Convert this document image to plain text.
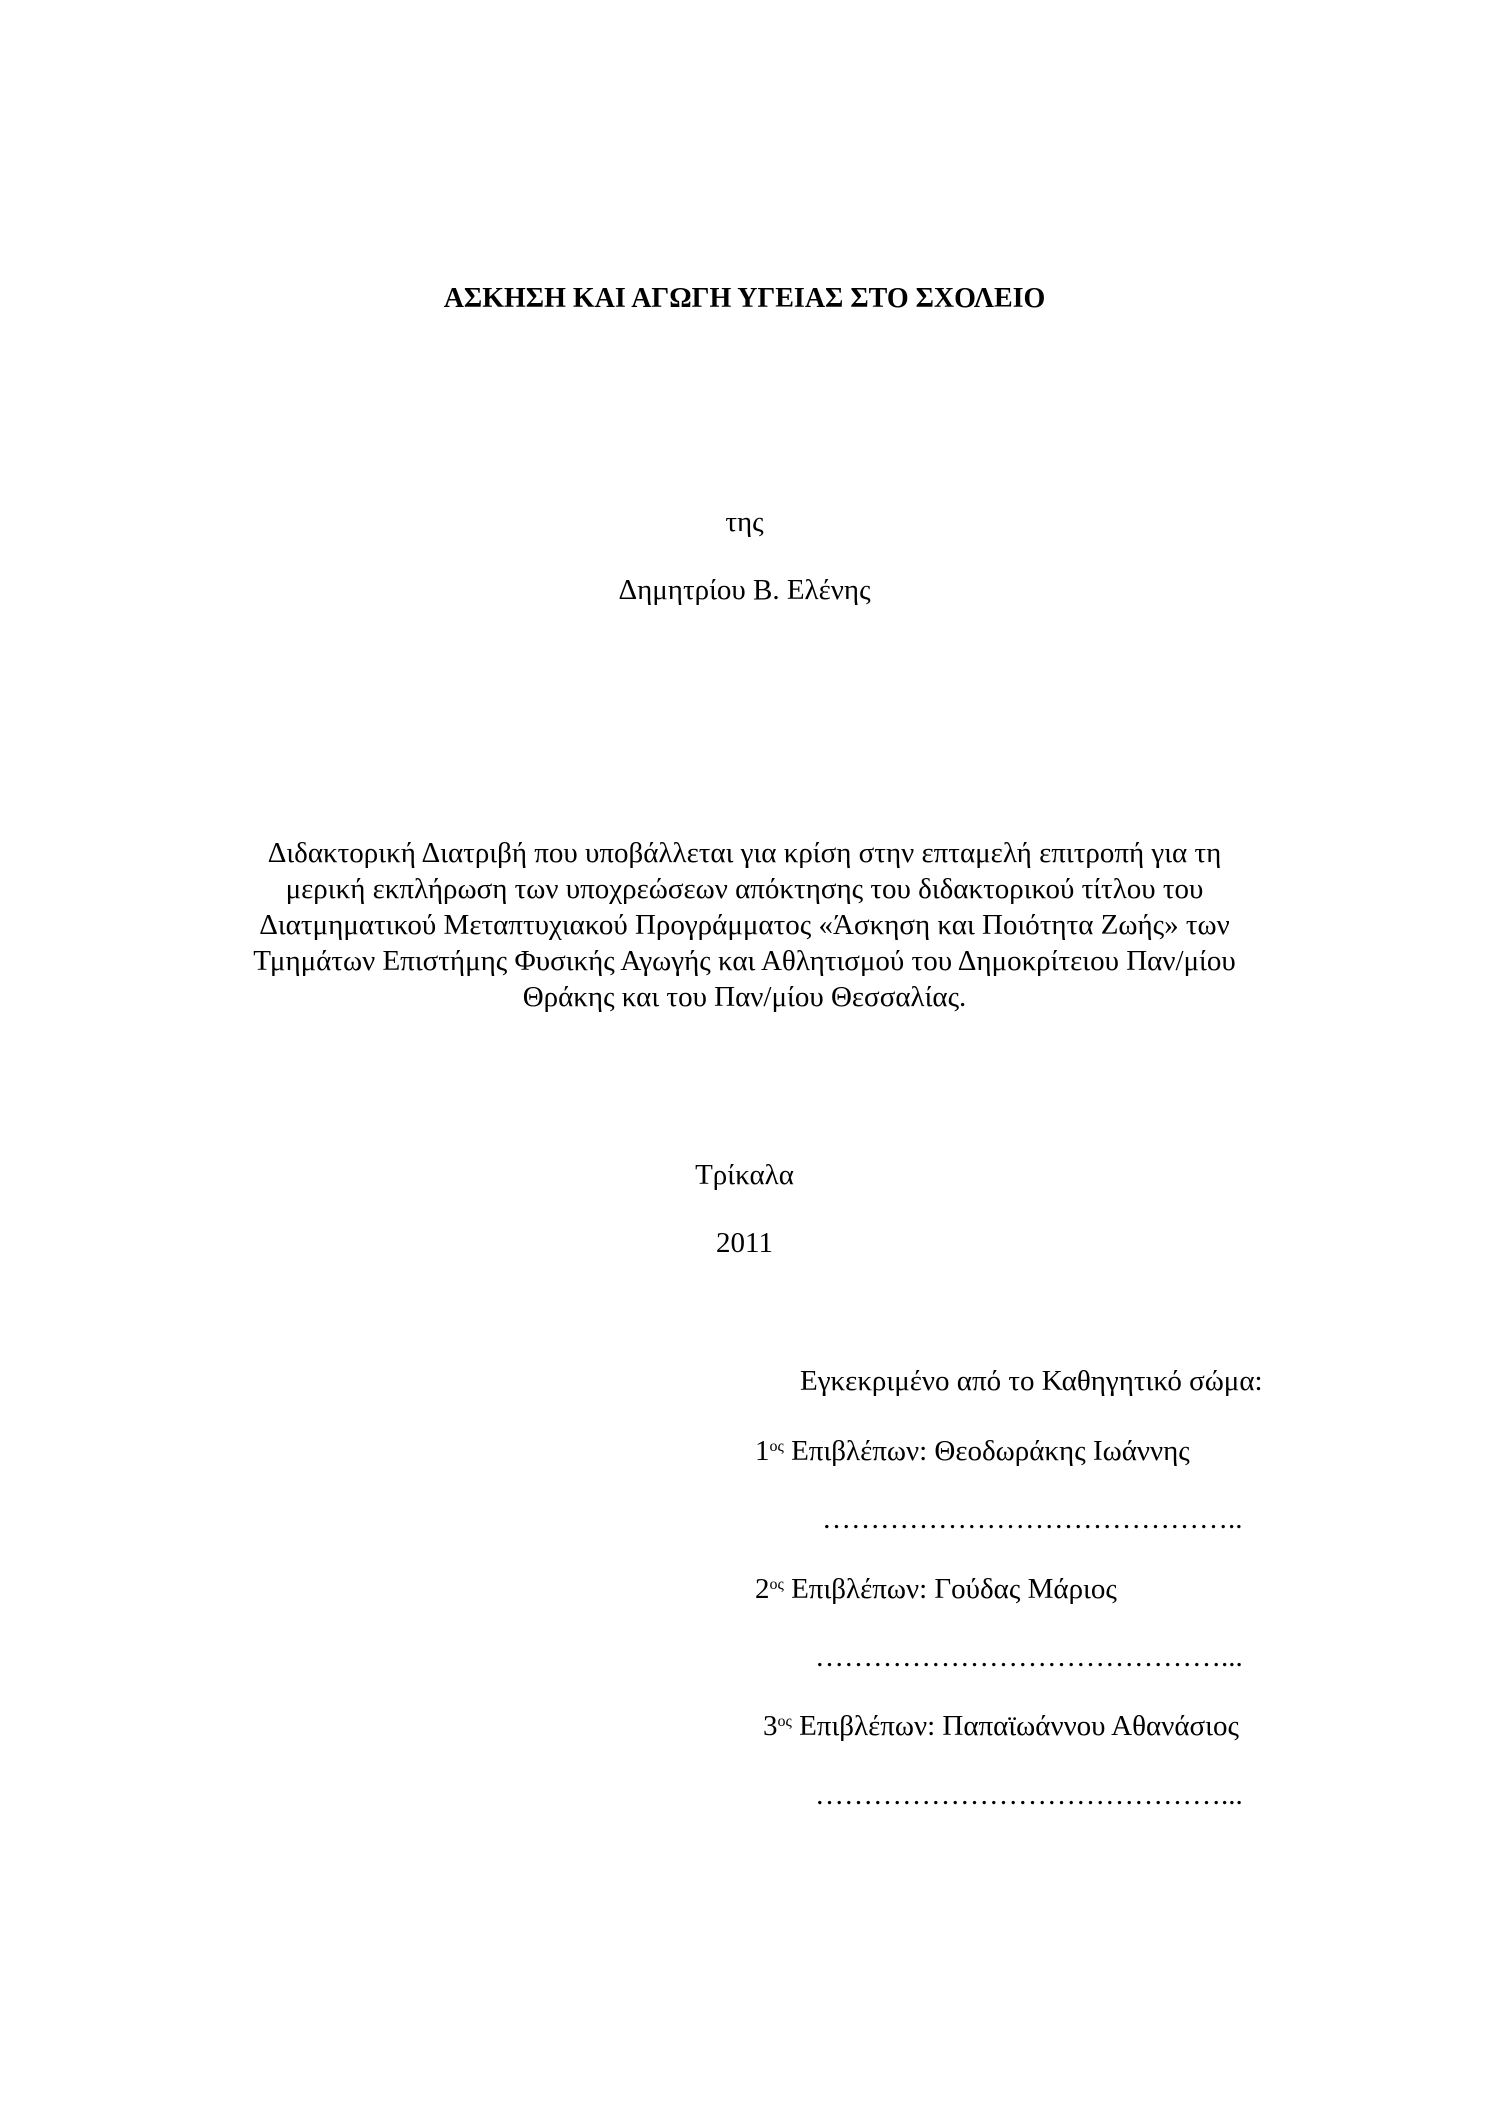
ΑΣΚΗΣΗ ΚΑΙ ΑΓΩΓΗ ΥΓΕΙΑΣ ΣΤΟ ΣΧΟΛΕΙΟ
της
Δημητρίου Β. Ελένης
Διδακτορική Διατριβή που υποβάλλεται για κρίση στην επταμελή επιτροπή για τη
μερική εκπλήρωση των υποχρεώσεων απόκτησης του διδακτορικού τίτλου του
Διατμηματικού Μεταπτυχιακού Προγράμματος «Άσκηση και Ποιότητα Ζωής» των
Τμημάτων Επιστήμης Φυσικής Αγωγής και Αθλητισμού του Δημοκρίτειου Παν/μίου
Θράκης και του Παν/μίου Θεσσαλίας.
Τρίκαλα
2011
Εγκεκριμένο από το Καθηγητικό σώμα:
$1^{o\varsigma}$ Επιβλέπων: Θεοδωράκης Ιωάννης
……………………………………..
$2^{o\varsigma}$ Επιβλέπων: Γούδας Μάριος
……………………………………...
$3^{o\varsigma}$ Επιβλέπων: Παπαϊωάννου Αθανάσιος
……………………………………...
